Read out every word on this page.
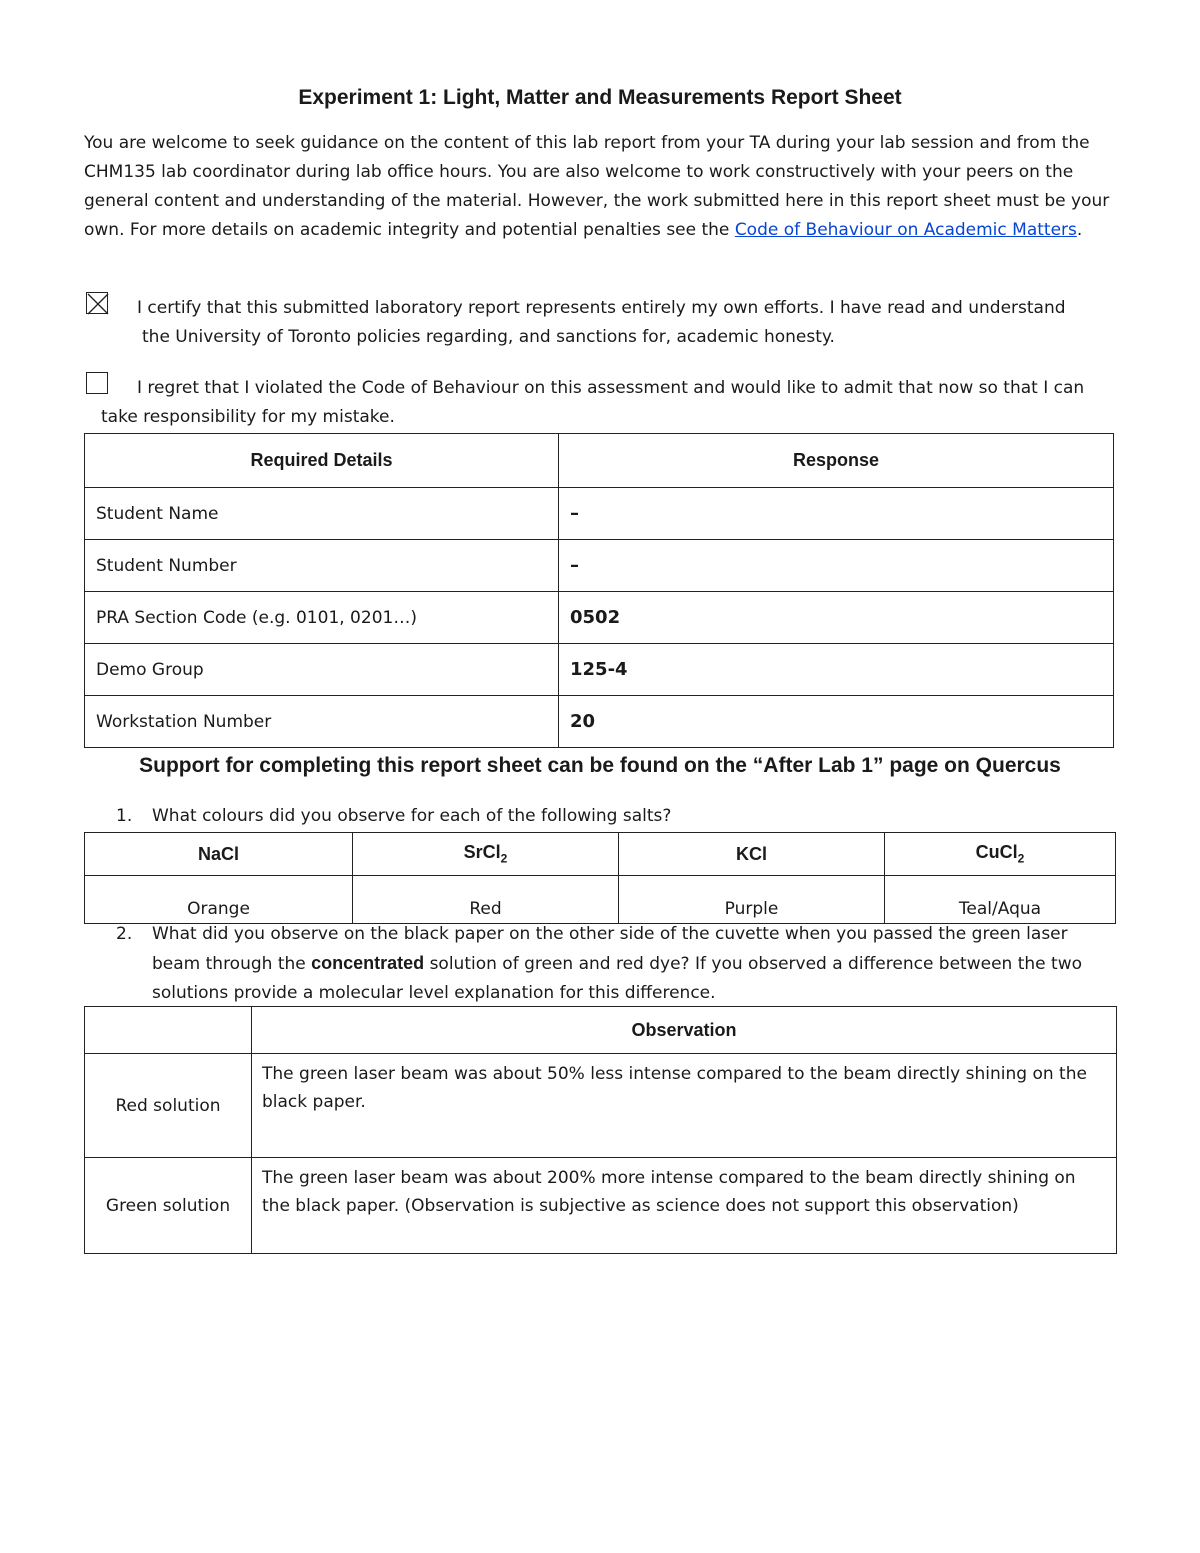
Experiment 1: Light, Matter and Measurements Report Sheet
You are welcome to seek guidance on the content of this lab report from your TA during your lab session and from the CHM135 lab coordinator during lab office hours. You are also welcome to work constructively with your peers on the general content and understanding of the material. However, the work submitted here in this report sheet must be your own. For more details on academic integrity and potential penalties see the Code of Behaviour on Academic Matters.
I certify that this submitted laboratory report represents entirely my own efforts. I have read and understand
the University of Toronto policies regarding, and sanctions for, academic honesty.
I regret that I violated the Code of Behaviour on this assessment and would like to admit that now so that I can
take responsibility for my mistake.
Required Details	Response
Student Name	–
Student Number	–
PRA Section Code (e.g. 0101, 0201…)	0502
Demo Group	125-4
Workstation Number	20
Support for completing this report sheet can be found on the “After Lab 1” page on Quercus
1. What colours did you observe for each of the following salts?
NaCl	SrCl$_2$	KCl	CuCl$_2$
Orange	Red	Purple	Teal/Aqua
2. What did you observe on the black paper on the other side of the cuvette when you passed the green laser beam through the concentrated solution of green and red dye? If you observed a difference between the two solutions provide a molecular level explanation for this difference.
	Observation
Red solution	The green laser beam was about 50% less intense compared to the beam directly shining on the black paper.
Green solution	The green laser beam was about 200% more intense compared to the beam directly shining on the black paper. (Observation is subjective as science does not support this observation)
